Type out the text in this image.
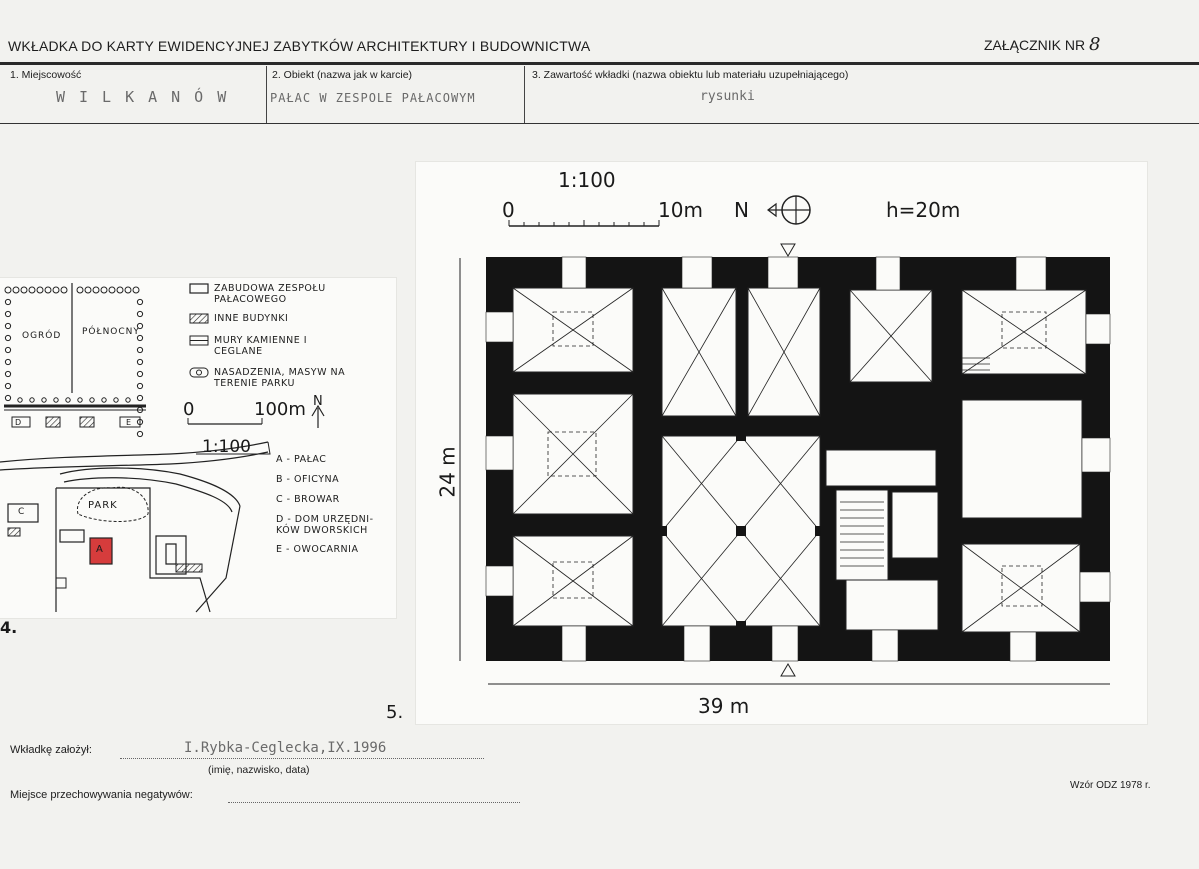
WKŁADKA DO KARTY EWIDENCYJNEJ ZABYTKÓW ARCHITEKTURY I BUDOWNICTWA	ZAŁĄCZNIK NR 8
1. Miejscowość
WILKANÓW
2. Obiekt (nazwa jak w karcie)
PAŁAC W ZESPOLE PAŁACOWYM
3. Zawartość wkładki (nazwa obiektu lub materiału uzupełniającego)
rysunki
OGRÓD PÓŁNOCNY
PARK
A
C
D	E
ZABUDOWA ZESPOŁU PAŁACOWEGO
INNE BUDYNKI
MURY KAMIENNE I CEGLANE
NASADZENIA, MASYW NA TERENIE PARKU
0	100m N
1:100
A - PAŁAC
B - OFICYNA
C - BROWAR
D - DOM URZĘDNI-KÓW DWORSKICH
E - OWOCARNIA
4.
1:100
0	10m N	h=20m
39 m
24 m
5.
Wkładkę założył:	I.Rybka-Ceglecka,IX.1996
(imię, nazwisko, data)
Miejsce przechowywania negatywów:
Wzór ODZ 1978 r.
